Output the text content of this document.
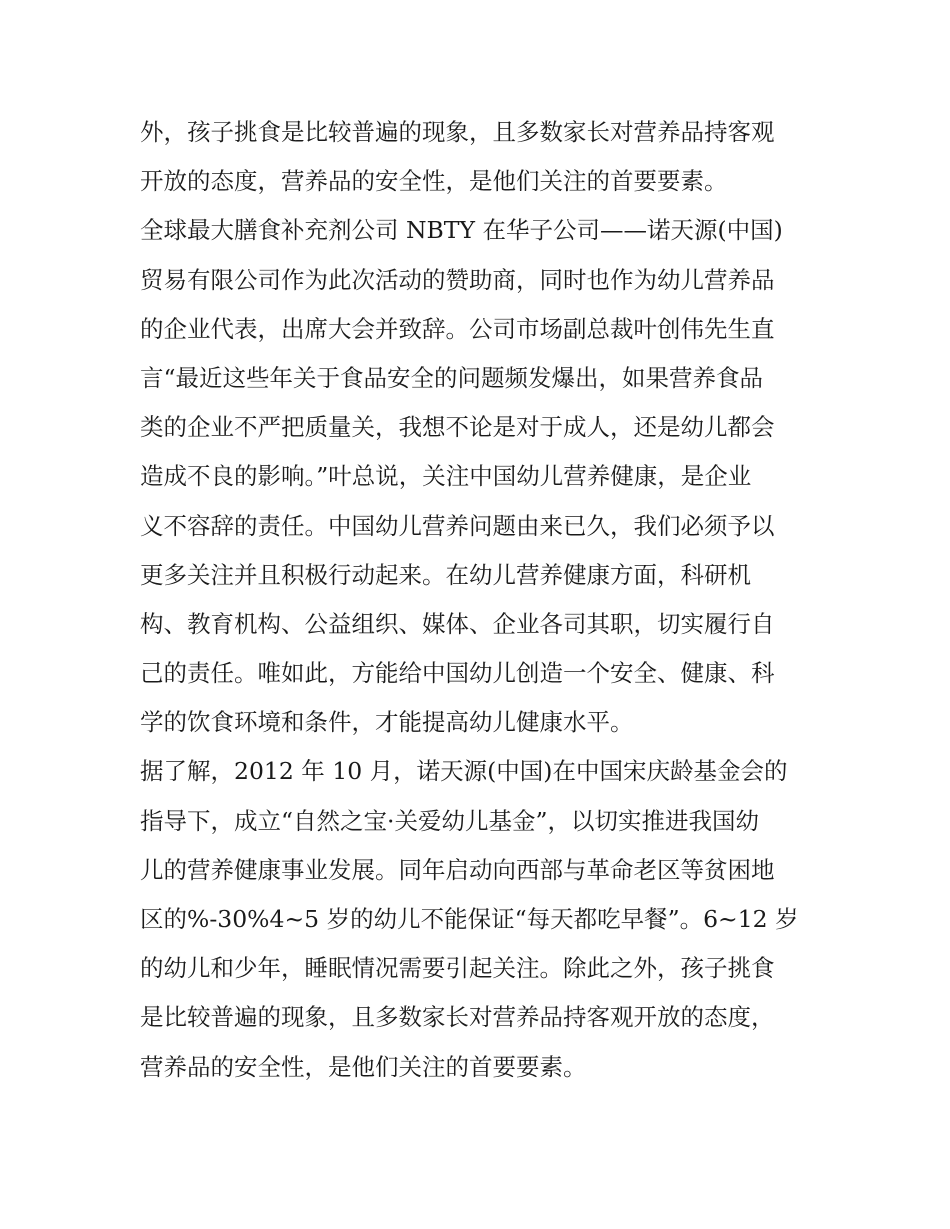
外，孩子挑食是比较普遍的现象，且多数家长对营养品持客观
开放的态度，营养品的安全性，是他们关注的首要要素。
全球最大膳食补充剂公司 NBTY 在华子公司——诺天源(中国)
贸易有限公司作为此次活动的赞助商，同时也作为幼儿营养品
的企业代表，出席大会并致辞。公司市场副总裁叶创伟先生直
言“最近这些年关于食品安全的问题频发爆出，如果营养食品
类的企业不严把质量关，我想不论是对于成人，还是幼儿都会
造成不良的影响。”叶总说，关注中国幼儿营养健康，是企业
义不容辞的责任。中国幼儿营养问题由来已久，我们必须予以
更多关注并且积极行动起来。在幼儿营养健康方面，科研机
构、教育机构、公益组织、媒体、企业各司其职，切实履行自
己的责任。唯如此，方能给中国幼儿创造一个安全、健康、科
学的饮食环境和条件，才能提高幼儿健康水平。
据了解，2012 年 10 月，诺天源(中国)在中国宋庆龄基金会的
指导下，成立“自然之宝·关爱幼儿基金”，以切实推进我国幼
儿的营养健康事业发展。同年启动向西部与革命老区等贫困地
区的%-30%4~5 岁的幼儿不能保证“每天都吃早餐”。6~12 岁
的幼儿和少年，睡眠情况需要引起关注。除此之外，孩子挑食
是比较普遍的现象，且多数家长对营养品持客观开放的态度，
营养品的安全性，是他们关注的首要要素。
